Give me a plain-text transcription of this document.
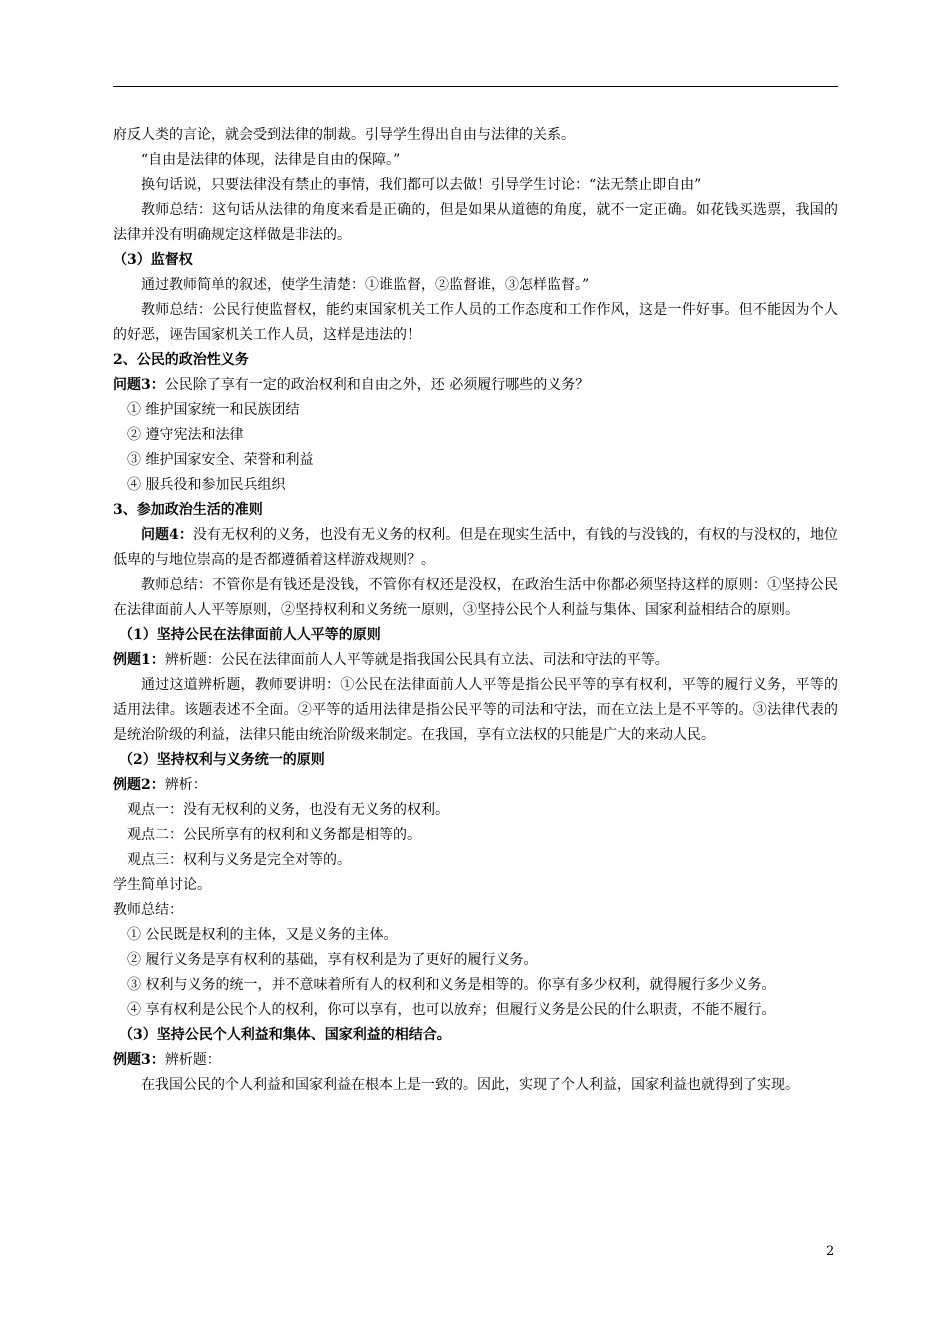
府反人类的言论，就会受到法律的制裁。引导学生得出自由与法律的关系。

“自由是法律的体现，法律是自由的保障。”

换句话说，只要法律没有禁止的事情，我们都可以去做！引导学生讨论：“法无禁止即自由”

教师总结：这句话从法律的角度来看是正确的，但是如果从道德的角度，就不一定正确。如花钱买选票，我国的法律并没有明确规定这样做是非法的。

（3）监督权

通过教师简单的叙述，使学生清楚：①谁监督，②监督谁，③怎样监督。”

教师总结：公民行使监督权，能约束国家机关工作人员的工作态度和工作作风，这是一件好事。但不能因为个人的好恶，诬告国家机关工作人员，这样是违法的！

2、公民的政治性义务

问题3：公民除了享有一定的政治权利和自由之外，还 必须履行哪些的义务？

① 维护国家统一和民族团结

② 遵守宪法和法律

③ 维护国家安全、荣誉和利益

④ 服兵役和参加民兵组织

3、参加政治生活的准则

问题4：没有无权利的义务，也没有无义务的权利。但是在现实生活中，有钱的与没钱的，有权的与没权的，地位低卑的与地位崇高的是否都遵循着这样游戏规则？。

教师总结：不管你是有钱还是没钱，不管你有权还是没权，在政治生活中你都必须坚持这样的原则：①坚持公民在法律面前人人平等原则，②坚持权利和义务统一原则，③坚持公民个人利益与集体、国家利益相结合的原则。

（1）坚持公民在法律面前人人平等的原则

例题1：辨析题：公民在法律面前人人平等就是指我国公民具有立法、司法和守法的平等。

通过这道辨析题，教师要讲明：①公民在法律面前人人平等是指公民平等的享有权利，平等的履行义务，平等的适用法律。该题表述不全面。②平等的适用法律是指公民平等的司法和守法，而在立法上是不平等的。③法律代表的是统治阶级的利益，法律只能由统治阶级来制定。在我国，享有立法权的只能是广大的来动人民。

（2）坚持权利与义务统一的原则

例题2：辨析：

观点一：没有无权利的义务，也没有无义务的权利。

观点二：公民所享有的权利和义务都是相等的。

观点三：权利与义务是完全对等的。

学生简单讨论。

教师总结：

① 公民既是权利的主体，又是义务的主体。

② 履行义务是享有权利的基础，享有权利是为了更好的履行义务。

③ 权利与义务的统一，并不意味着所有人的权利和义务是相等的。你享有多少权利，就得履行多少义务。

④ 享有权利是公民个人的权利，你可以享有，也可以放弃；但履行义务是公民的什么职责，不能不履行。

（3）坚持公民个人利益和集体、国家利益的相结合。

例题3：辨析题：

在我国公民的个人利益和国家利益在根本上是一致的。因此，实现了个人利益，国家利益也就得到了实现。

2
